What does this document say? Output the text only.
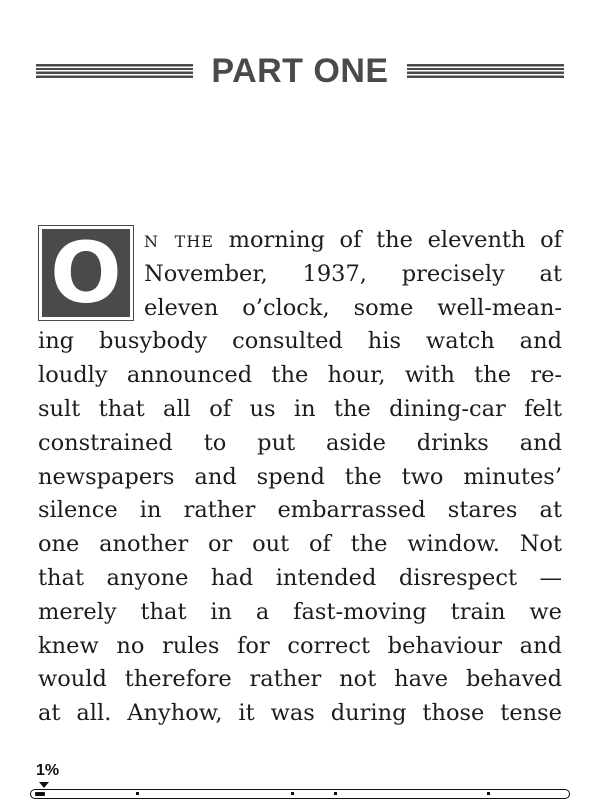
PART ONE
O n the morning of the eleventh of
November, 1937, precisely at
eleven o’clock, some well-mean-
ing busybody consulted his watch and
loudly announced the hour, with the re-
sult that all of us in the dining-car felt
constrained to put aside drinks and
newspapers and spend the two minutes’
silence in rather embarrassed stares at
one another or out of the window. Not
that anyone had intended disrespect —
merely that in a fast-moving train we
knew no rules for correct behaviour and
would therefore rather not have behaved
at all. Anyhow, it was during those tense
1%
